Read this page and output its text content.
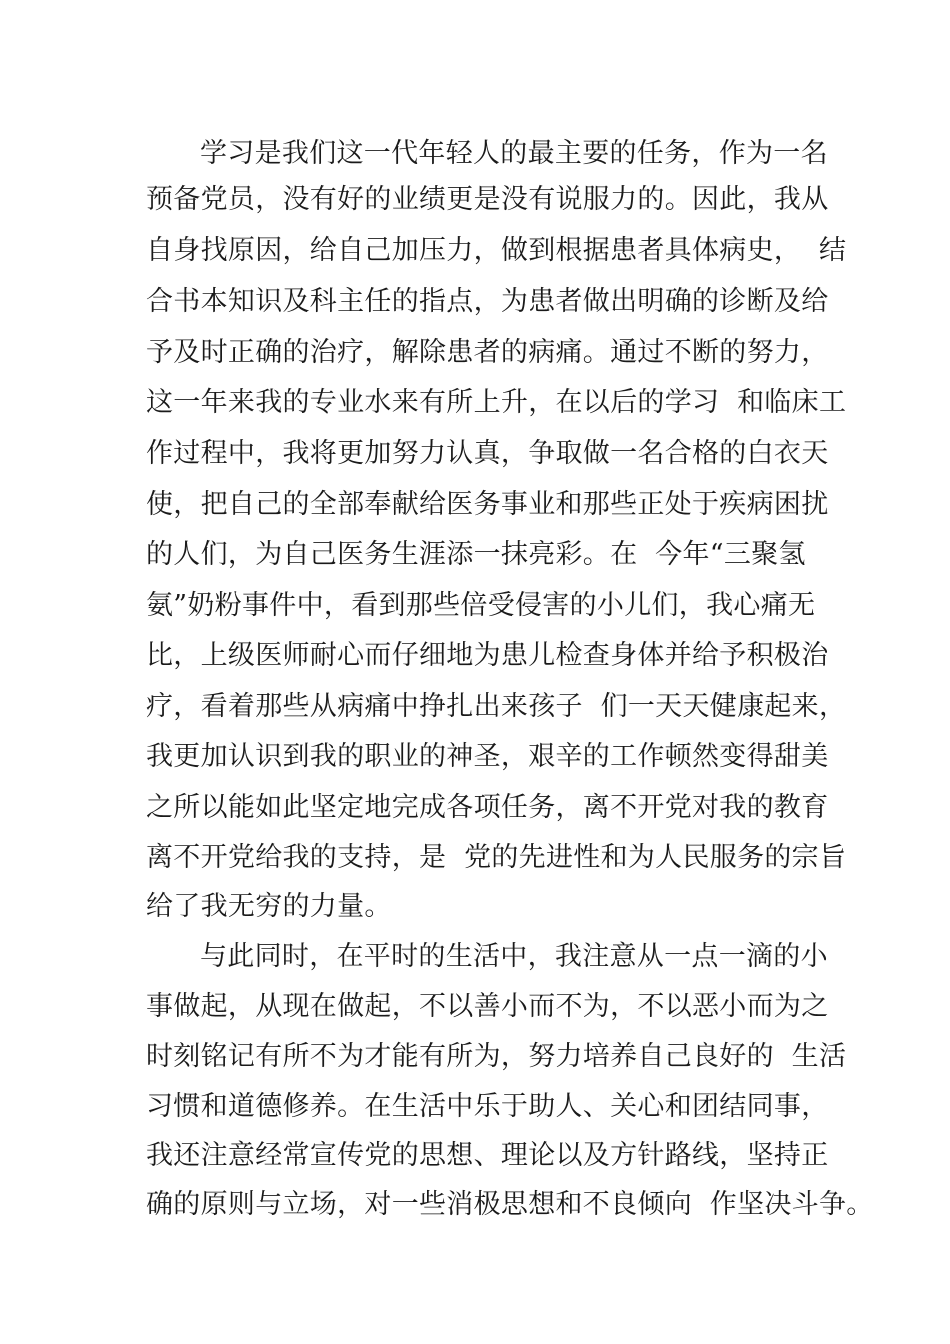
学习是我们这一代年轻人的最主要的任务，作为一名
预备党员，没有好的业绩更是没有说服力的。因此，我从
自身找原因，给自己加压力，做到根据患者具体病史，  结
合书本知识及科主任的指点，为患者做出明确的诊断及给
予及时正确的治疗，解除患者的病痛。通过不断的努力，
这一年来我的专业水来有所上升，在以后的学习  和临床工
作过程中，我将更加努力认真，争取做一名合格的白衣天
使，把自己的全部奉献给医务事业和那些正处于疾病困扰
的人们，为自己医务生涯添一抹亮彩。在  今年“三聚氢
氨”奶粉事件中，看到那些倍受侵害的小儿们，我心痛无
比，上级医师耐心而仔细地为患儿检查身体并给予积极治
疗，看着那些从病痛中挣扎出来孩子  们一天天健康起来，
我更加认识到我的职业的神圣，艰辛的工作顿然变得甜美
之所以能如此坚定地完成各项任务，离不开党对我的教育
离不开党给我的支持，是  党的先进性和为人民服务的宗旨
给了我无穷的力量。
与此同时，在平时的生活中，我注意从一点一滴的小
事做起，从现在做起，不以善小而不为，不以恶小而为之
时刻铭记有所不为才能有所为，努力培养自己良好的  生活
习惯和道德修养。在生活中乐于助人、关心和团结同事，
我还注意经常宣传党的思想、理论以及方针路线，坚持正
确的原则与立场，对一些消极思想和不良倾向  作坚决斗争。
